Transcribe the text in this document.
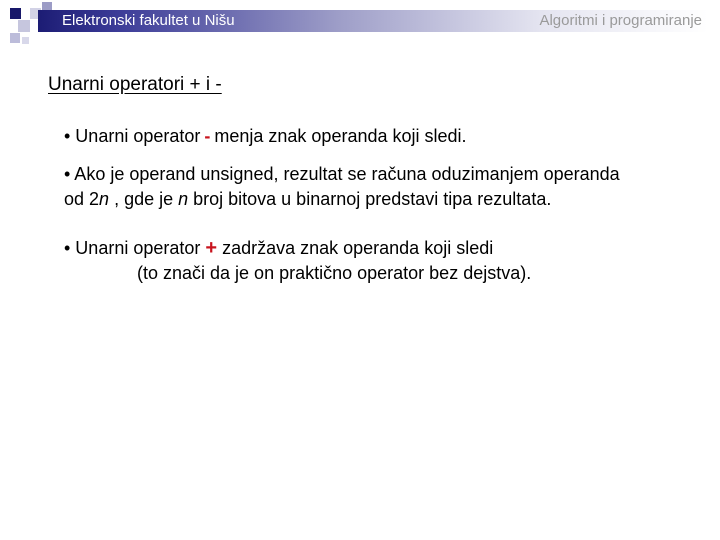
Elektronski fakultet u Nišu	Algoritmi i programiranje
Unarni operatori + i -
• Unarni operator - menja znak operanda koji sledi.
• Ako je operand unsigned, rezultat se računa oduzimanjem operanda
od 2n , gde je n broj bitova u binarnoj predstavi tipa rezultata.
• Unarni operator + zadržava znak operanda koji sledi
(to znači da je on praktično operator bez dejstva).
